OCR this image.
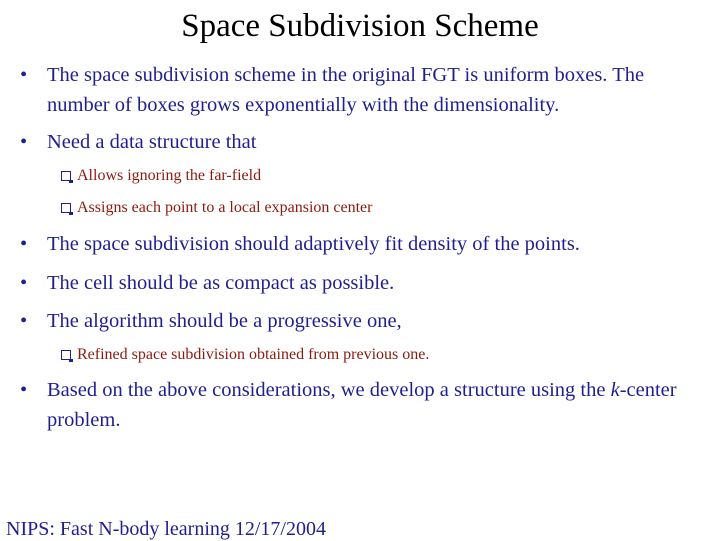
Space Subdivision Scheme
• The space subdivision scheme in the original FGT is uniform boxes. The number of boxes grows exponentially with the dimensionality.
• Need a data structure that
Allows ignoring the far-field
Assigns each point to a local expansion center
• The space subdivision should adaptively fit density of the points.
• The cell should be as compact as possible.
• The algorithm should be a progressive one,
Refined space subdivision obtained from previous one.
• Based on the above considerations, we develop a structure using the k-center problem.
NIPS: Fast N-body learning 12/17/2004
